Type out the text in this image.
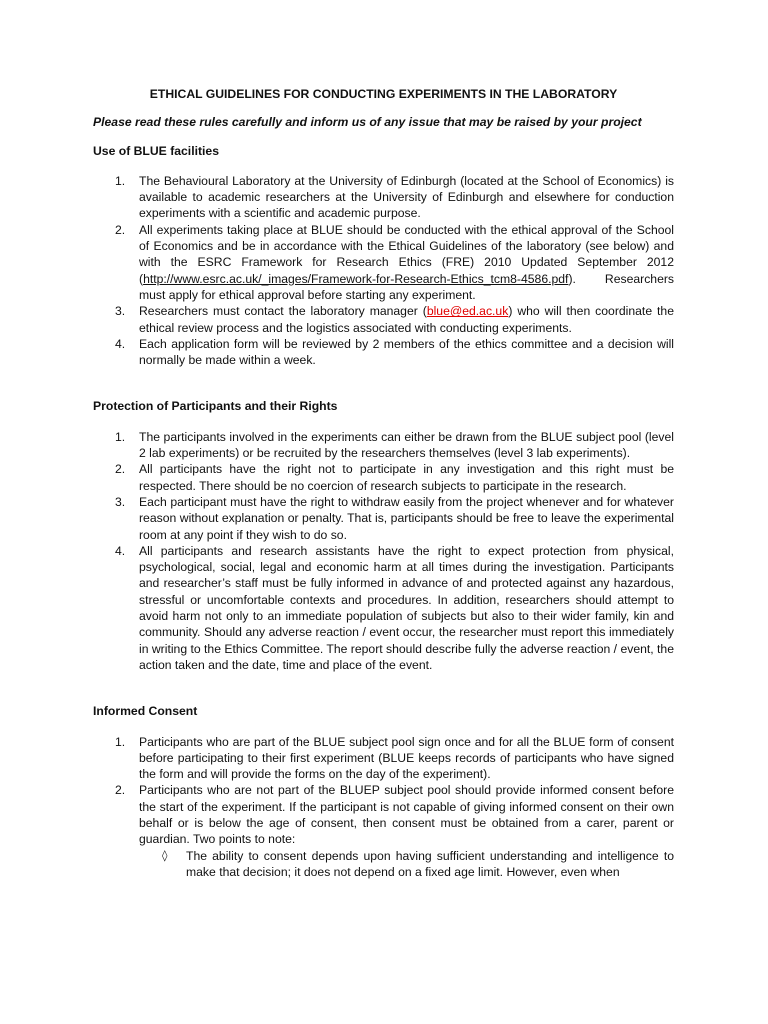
ETHICAL GUIDELINES FOR CONDUCTING EXPERIMENTS IN THE LABORATORY
Please read these rules carefully and inform us of any issue that may be raised by your project
Use of BLUE facilities
1. The Behavioural Laboratory at the University of Edinburgh (located at the School of Economics) is available to academic researchers at the University of Edinburgh and elsewhere for conduction experiments with a scientific and academic purpose.
2. All experiments taking place at BLUE should be conducted with the ethical approval of the School of Economics and be in accordance with the Ethical Guidelines of the laboratory (see below) and with the ESRC Framework for Research Ethics (FRE) 2010 Updated September 2012 (http://www.esrc.ac.uk/_images/Framework-for-Research-Ethics_tcm8-4586.pdf). Researchers must apply for ethical approval before starting any experiment.
3. Researchers must contact the laboratory manager (blue@ed.ac.uk) who will then coordinate the ethical review process and the logistics associated with conducting experiments.
4. Each application form will be reviewed by 2 members of the ethics committee and a decision will normally be made within a week.
Protection of Participants and their Rights
1. The participants involved in the experiments can either be drawn from the BLUE subject pool (level 2 lab experiments) or be recruited by the researchers themselves (level 3 lab experiments).
2. All participants have the right not to participate in any investigation and this right must be respected. There should be no coercion of research subjects to participate in the research.
3. Each participant must have the right to withdraw easily from the project whenever and for whatever reason without explanation or penalty. That is, participants should be free to leave the experimental room at any point if they wish to do so.
4. All participants and research assistants have the right to expect protection from physical, psychological, social, legal and economic harm at all times during the investigation. Participants and researcher’s staff must be fully informed in advance of and protected against any hazardous, stressful or uncomfortable contexts and procedures. In addition, researchers should attempt to avoid harm not only to an immediate population of subjects but also to their wider family, kin and community. Should any adverse reaction / event occur, the researcher must report this immediately in writing to the Ethics Committee. The report should describe fully the adverse reaction / event, the action taken and the date, time and place of the event.
Informed Consent
1. Participants who are part of the BLUE subject pool sign once and for all the BLUE form of consent before participating to their first experiment (BLUE keeps records of participants who have signed the form and will provide the forms on the day of the experiment).
2. Participants who are not part of the BLUEP subject pool should provide informed consent before the start of the experiment. If the participant is not capable of giving informed consent on their own behalf or is below the age of consent, then consent must be obtained from a carer, parent or guardian. Two points to note:
◊ The ability to consent depends upon having sufficient understanding and intelligence to make that decision; it does not depend on a fixed age limit. However, even when
